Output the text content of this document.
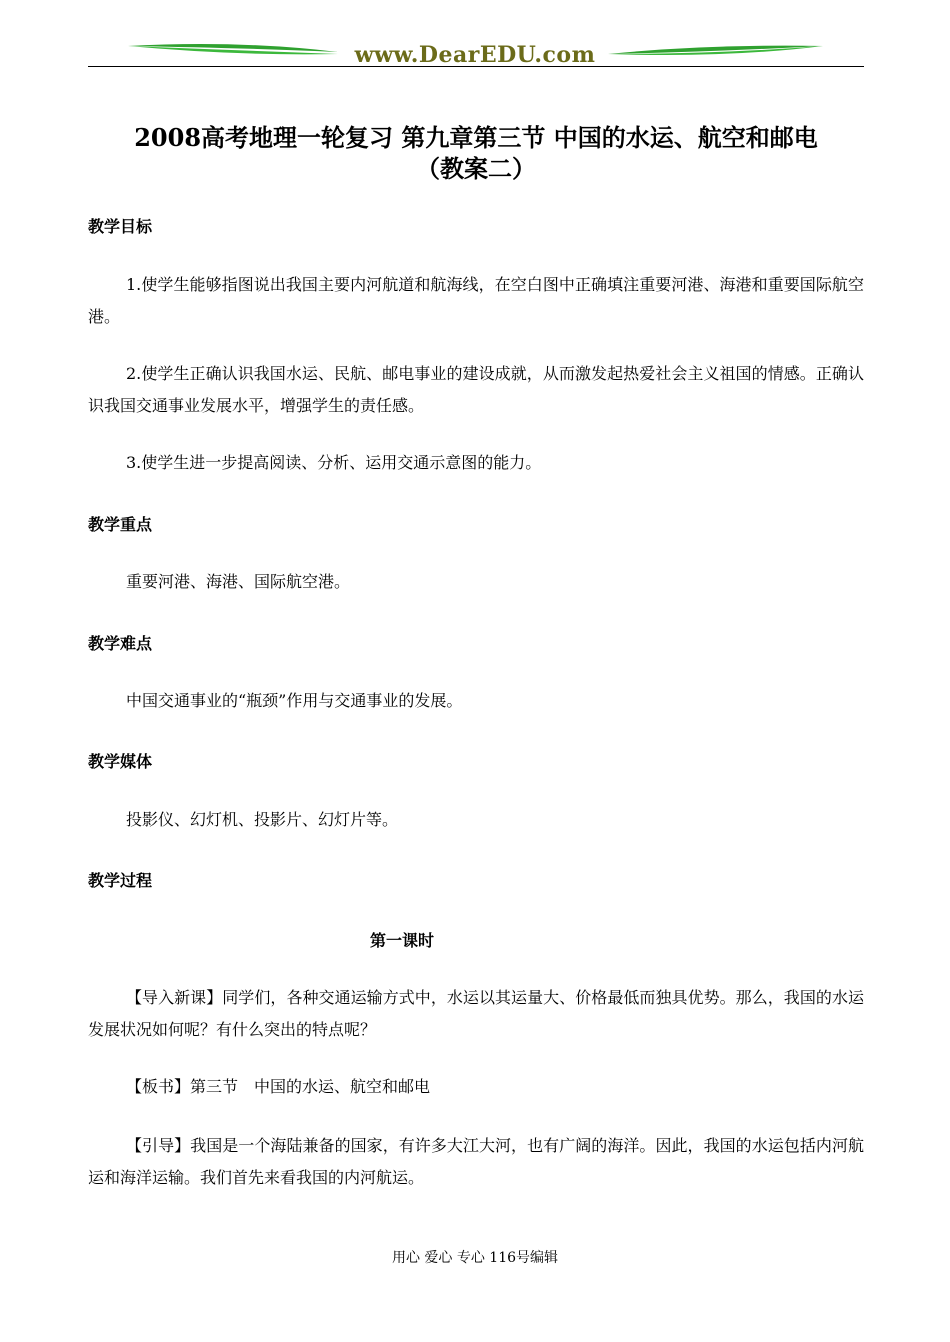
www.DearEDU.com
2008高考地理一轮复习 第九章第三节 中国的水运、航空和邮电
（教案二）
教学目标
1.使学生能够指图说出我国主要内河航道和航海线，在空白图中正确填注重要河港、海港和重要国际航空港。
2.使学生正确认识我国水运、民航、邮电事业的建设成就，从而激发起热爱社会主义祖国的情感。正确认识我国交通事业发展水平，增强学生的责任感。
3.使学生进一步提高阅读、分析、运用交通示意图的能力。
教学重点
重要河港、海港、国际航空港。
教学难点
中国交通事业的“瓶颈”作用与交通事业的发展。
教学媒体
投影仪、幻灯机、投影片、幻灯片等。
教学过程
第一课时
【导入新课】同学们，各种交通运输方式中，水运以其运量大、价格最低而独具优势。那么，我国的水运发展状况如何呢？有什么突出的特点呢？
【板书】第三节　中国的水运、航空和邮电
【引导】我国是一个海陆兼备的国家，有许多大江大河，也有广阔的海洋。因此，我国的水运包括内河航运和海洋运输。我们首先来看我国的内河航运。
用心 爱心 专心 116号编辑
